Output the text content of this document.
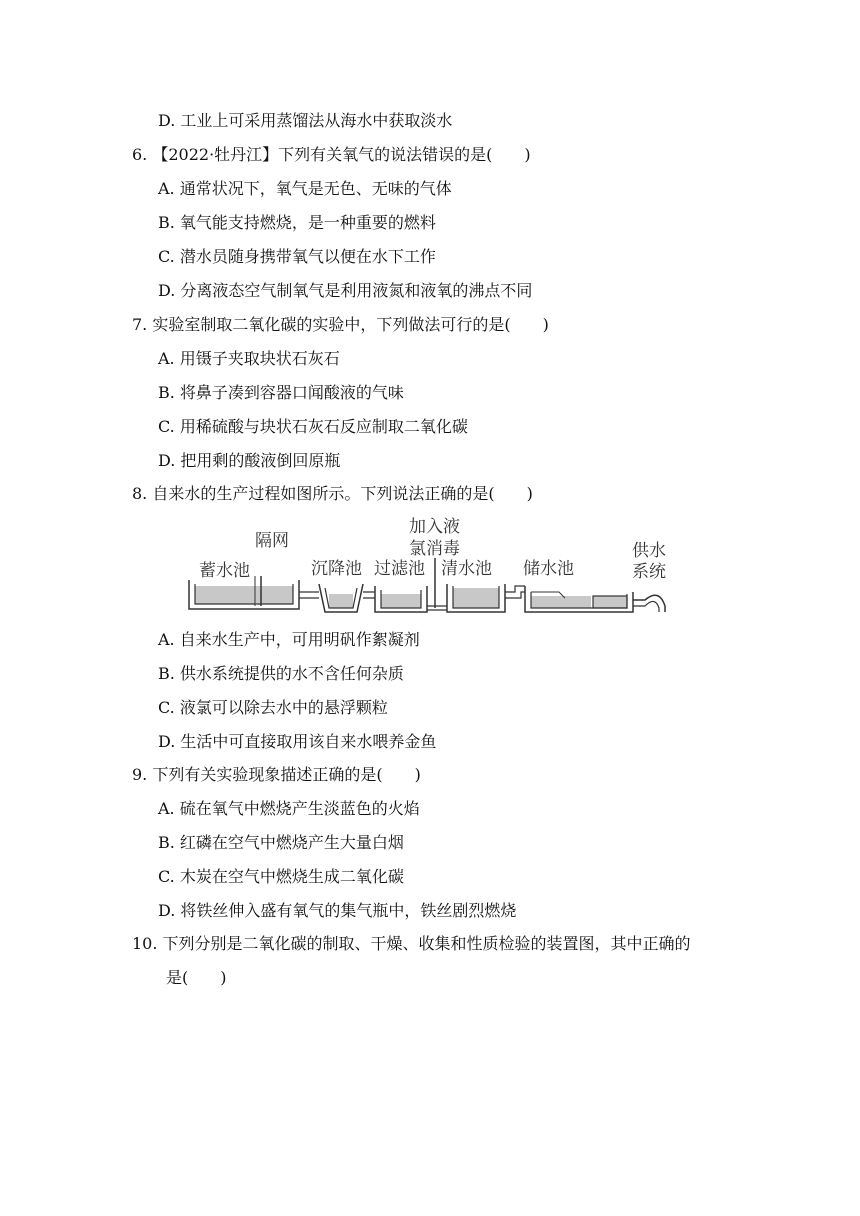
D. 工业上可采用蒸馏法从海水中获取淡水
6. 【2022·牡丹江】下列有关氧气的说法错误的是(　　)
A. 通常状况下，氧气是无色、无味的气体
B. 氧气能支持燃烧，是一种重要的燃料
C. 潜水员随身携带氧气以便在水下工作
D. 分离液态空气制氧气是利用液氮和液氧的沸点不同
7. 实验室制取二氧化碳的实验中，下列做法可行的是(　　)
A. 用镊子夹取块状石灰石
B. 将鼻子凑到容器口闻酸液的气味
C. 用稀硫酸与块状石灰石反应制取二氧化碳
D. 把用剩的酸液倒回原瓶
8. 自来水的生产过程如图所示。下列说法正确的是(　　)
隔网
加入液
氯消毒
蓄水池	沉降池 过滤池 清水池 储水池
供水
系统
A. 自来水生产中，可用明矾作絮凝剂
B. 供水系统提供的水不含任何杂质
C. 液氯可以除去水中的悬浮颗粒
D. 生活中可直接取用该自来水喂养金鱼
9. 下列有关实验现象描述正确的是(　　)
A. 硫在氧气中燃烧产生淡蓝色的火焰
B. 红磷在空气中燃烧产生大量白烟
C. 木炭在空气中燃烧生成二氧化碳
D. 将铁丝伸入盛有氧气的集气瓶中，铁丝剧烈燃烧
10. 下列分别是二氧化碳的制取、干燥、收集和性质检验的装置图，其中正确的
是(　　)
